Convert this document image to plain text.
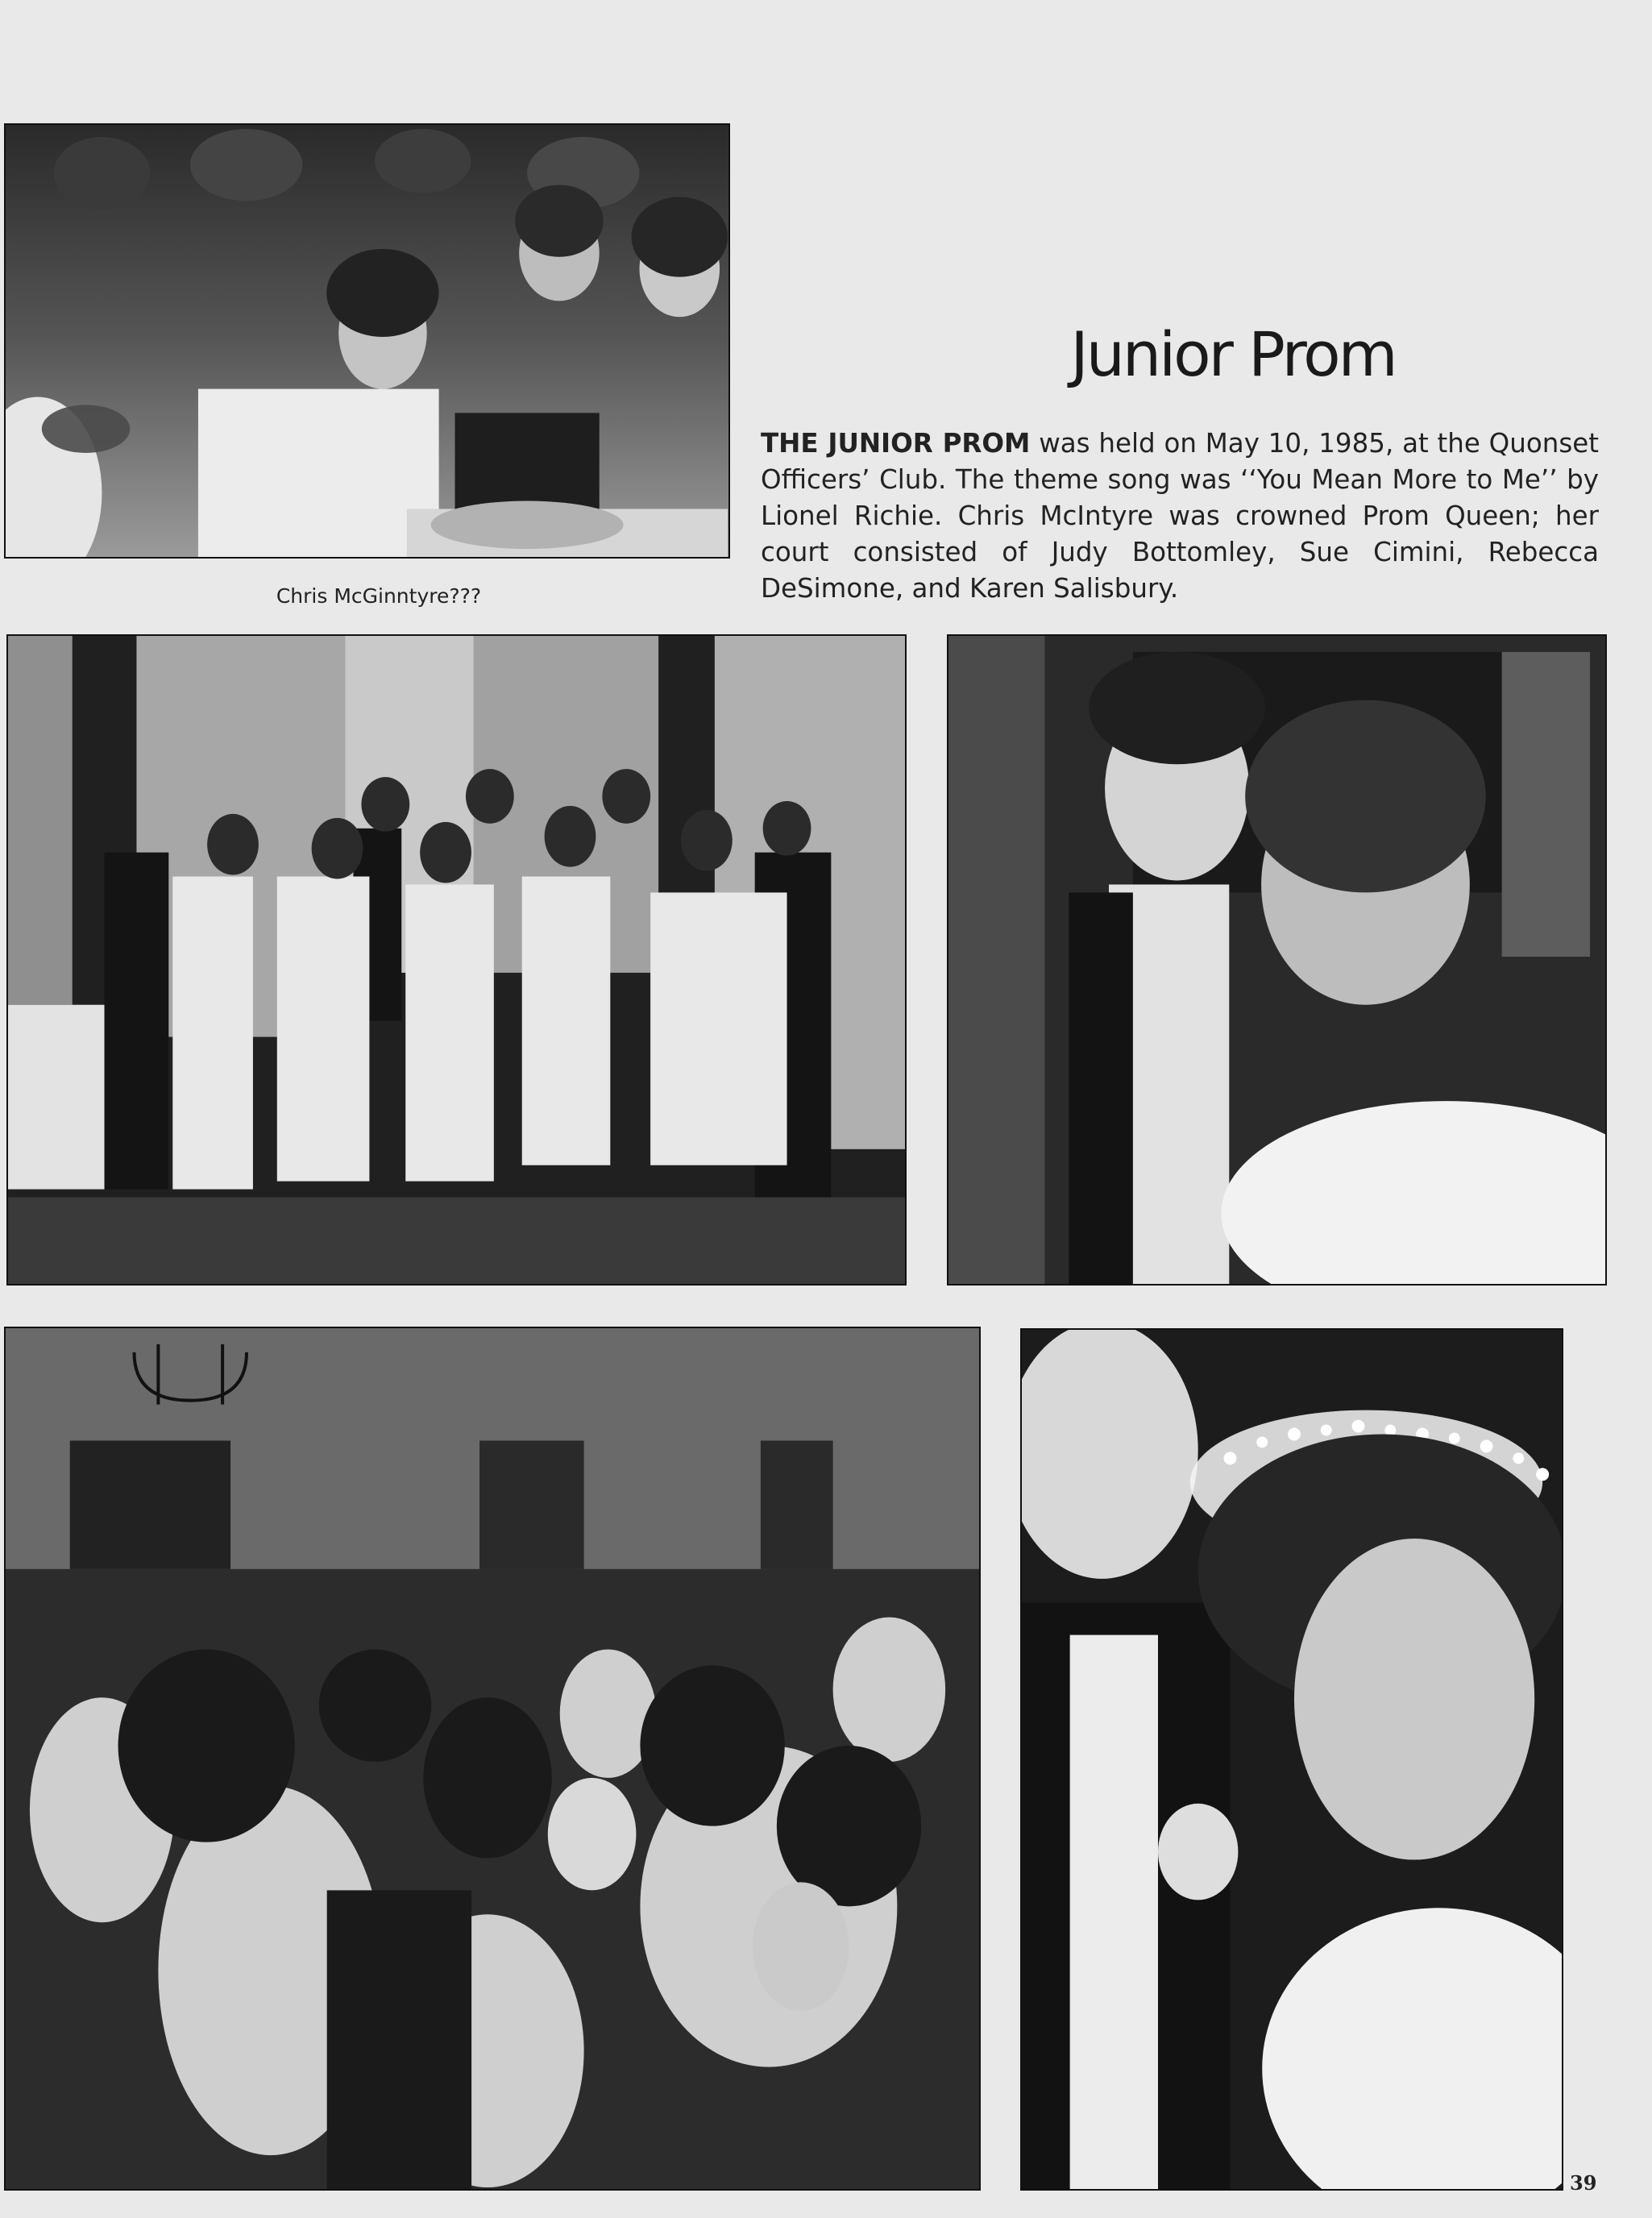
Junior Prom

THE JUNIOR PROM was held on May 10, 1985, at the Quonset Officers’ Club. The theme song was ‘‘You Mean More to Me’’ by Lionel Richie. Chris McIntyre was crowned Prom Queen; her court consisted of Judy Bottomley, Sue Cimini, Rebecca DeSimone, and Karen Salisbury.

Chris McGinntyre???
39
